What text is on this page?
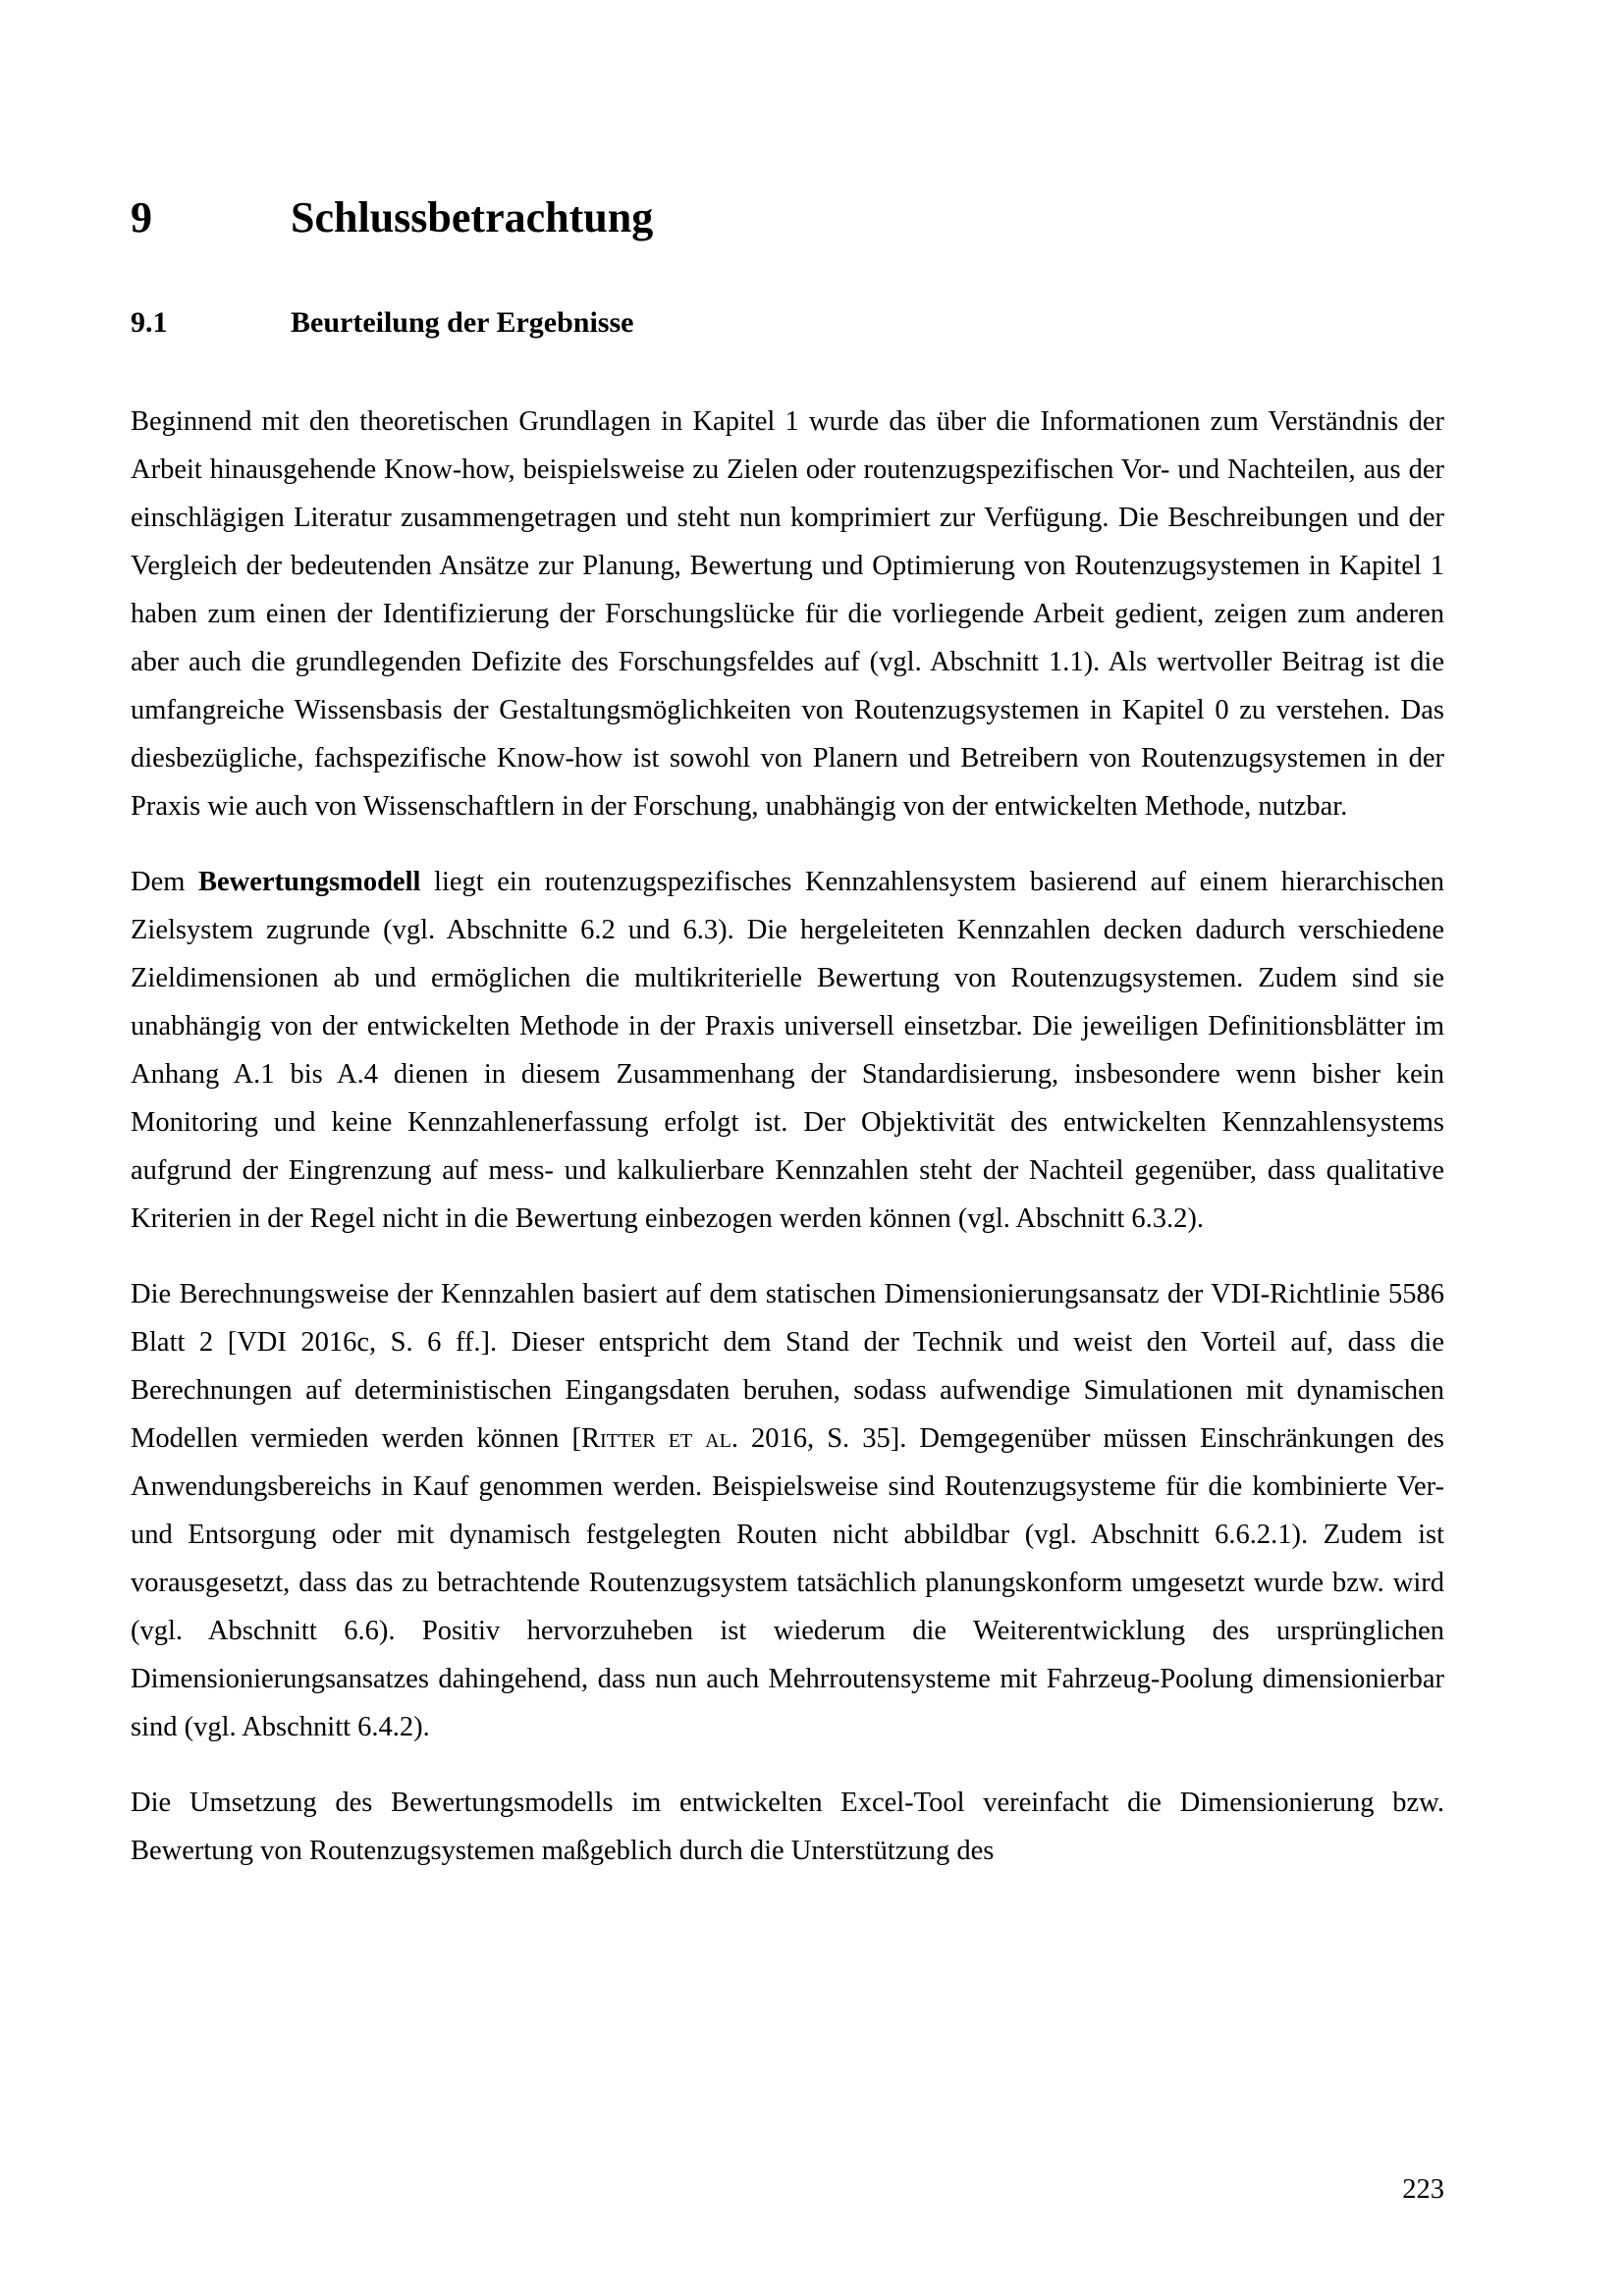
9	Schlussbetrachtung
9.1	Beurteilung der Ergebnisse

Beginnend mit den theoretischen Grundlagen in Kapitel 1 wurde das über die Informationen zum Verständnis der Arbeit hinausgehende Know-how, beispielsweise zu Zielen oder routenzugspezifischen Vor- und Nachteilen, aus der einschlägigen Literatur zusammengetragen und steht nun komprimiert zur Verfügung. Die Beschreibungen und der Vergleich der bedeutenden Ansätze zur Planung, Bewertung und Optimierung von Routenzugsystemen in Kapitel 1 haben zum einen der Identifizierung der Forschungslücke für die vorliegende Arbeit gedient, zeigen zum anderen aber auch die grundlegenden Defizite des Forschungsfeldes auf (vgl. Abschnitt 1.1). Als wertvoller Beitrag ist die umfangreiche Wissensbasis der Gestaltungsmöglichkeiten von Routenzugsystemen in Kapitel 0 zu verstehen. Das diesbezügliche, fachspezifische Know-how ist sowohl von Planern und Betreibern von Routenzugsystemen in der Praxis wie auch von Wissenschaftlern in der Forschung, unabhängig von der entwickelten Methode, nutzbar.

Dem Bewertungsmodell liegt ein routenzugspezifisches Kennzahlensystem basierend auf einem hierarchischen Zielsystem zugrunde (vgl. Abschnitte 6.2 und 6.3). Die hergeleiteten Kennzahlen decken dadurch verschiedene Zieldimensionen ab und ermöglichen die multikriterielle Bewertung von Routenzugsystemen. Zudem sind sie unabhängig von der entwickelten Methode in der Praxis universell einsetzbar. Die jeweiligen Definitionsblätter im Anhang A.1 bis A.4 dienen in diesem Zusammenhang der Standardisierung, insbesondere wenn bisher kein Monitoring und keine Kennzahlenerfassung erfolgt ist. Der Objektivität des entwickelten Kennzahlensystems aufgrund der Eingrenzung auf mess- und kalkulierbare Kennzahlen steht der Nachteil gegenüber, dass qualitative Kriterien in der Regel nicht in die Bewertung einbezogen werden können (vgl. Abschnitt 6.3.2).

Die Berechnungsweise der Kennzahlen basiert auf dem statischen Dimensionierungsansatz der VDI-Richtlinie 5586 Blatt 2 [VDI 2016c, S. 6 ff.]. Dieser entspricht dem Stand der Technik und weist den Vorteil auf, dass die Berechnungen auf deterministischen Eingangsdaten beruhen, sodass aufwendige Simulationen mit dynamischen Modellen vermieden werden können [Ritter et al. 2016, S. 35]. Demgegenüber müssen Einschränkungen des Anwendungsbereichs in Kauf genommen werden. Beispielsweise sind Routenzugsysteme für die kombinierte Ver- und Entsorgung oder mit dynamisch festgelegten Routen nicht abbildbar (vgl. Abschnitt 6.6.2.1). Zudem ist vorausgesetzt, dass das zu betrachtende Routenzugsystem tatsächlich planungskonform umgesetzt wurde bzw. wird (vgl. Abschnitt 6.6). Positiv hervorzuheben ist wiederum die Weiterentwicklung des ursprünglichen Dimensionierungsansatzes dahingehend, dass nun auch Mehrroutensysteme mit Fahrzeug-Poolung dimensionierbar sind (vgl. Abschnitt 6.4.2).

Die Umsetzung des Bewertungsmodells im entwickelten Excel-Tool vereinfacht die Dimensionierung bzw. Bewertung von Routenzugsystemen maßgeblich durch die Unterstützung des

223
